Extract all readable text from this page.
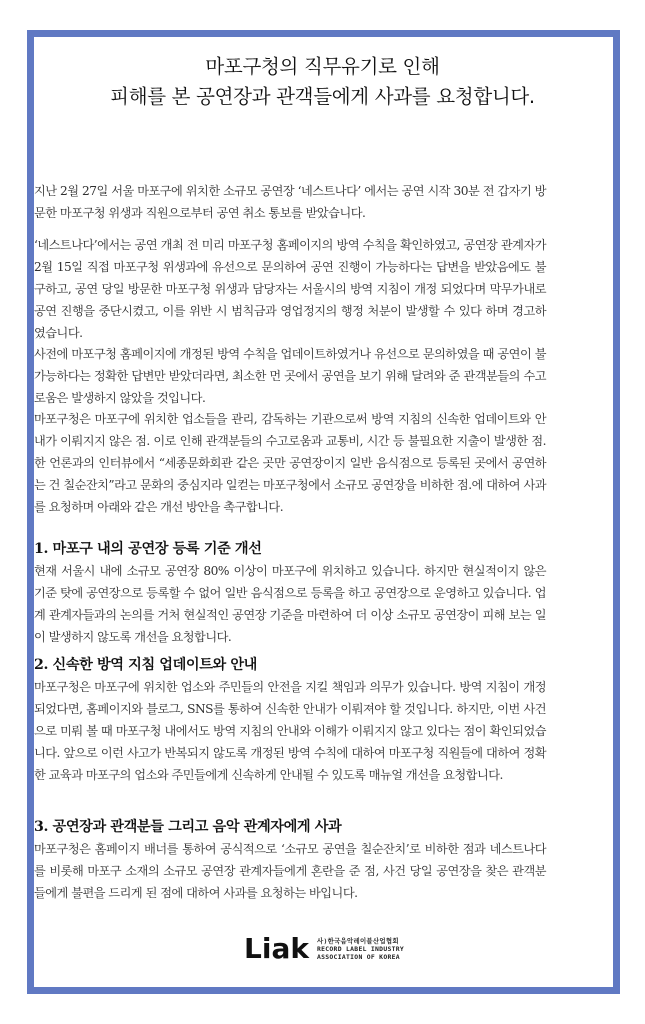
마포구청의 직무유기로 인해
피해를 본 공연장과 관객들에게 사과를 요청합니다.

지난 2월 27일 서울 마포구에 위치한 소규모 공연장 ‘네스트나다’ 에서는 공연 시작 30분 전 갑자기 방문한 마포구청 위생과 직원으로부터 공연 취소 통보를 받았습니다.

‘네스트나다’에서는 공연 개최 전 미리 마포구청 홈페이지의 방역 수칙을 확인하였고, 공연장 관계자가 2월 15일 직접 마포구청 위생과에 유선으로 문의하여 공연 진행이 가능하다는 답변을 받았음에도 불구하고, 공연 당일 방문한 마포구청 위생과 담당자는 서울시의 방역 지침이 개정 되었다며 막무가내로 공연 진행을 중단시켰고, 이를 위반 시 범칙금과 영업정지의 행정 처분이 발생할 수 있다 하며 경고하였습니다.

사전에 마포구청 홈페이지에 개정된 방역 수칙을 업데이트하였거나 유선으로 문의하였을 때 공연이 불가능하다는 정확한 답변만 받았더라면, 최소한 먼 곳에서 공연을 보기 위해 달려와 준 관객분들의 수고로움은 발생하지 않았을 것입니다.

마포구청은 마포구에 위치한 업소들을 관리, 감독하는 기관으로써 방역 지침의 신속한 업데이트와 안내가 이뤄지지 않은 점. 이로 인해 관객분들의 수고로움과 교통비, 시간 등 불필요한 지출이 발생한 점. 한 언론과의 인터뷰에서 “세종문화회관 같은 곳만 공연장이지 일반 음식점으로 등록된 곳에서 공연하는 건 칠순잔치”라고 문화의 중심지라 일컫는 마포구청에서 소규모 공연장을 비하한 점.에 대하여 사과를 요청하며 아래와 같은 개선 방안을 촉구합니다.

1. 마포구 내의 공연장 등록 기준 개선

현재 서울시 내에 소규모 공연장 80% 이상이 마포구에 위치하고 있습니다. 하지만 현실적이지 않은 기준 탓에 공연장으로 등록할 수 없어 일반 음식점으로 등록을 하고 공연장으로 운영하고 있습니다. 업계 관계자들과의 논의를 거처 현실적인 공연장 기준을 마련하여 더 이상 소규모 공연장이 피해 보는 일이 발생하지 않도록 개선을 요청합니다.

2. 신속한 방역 지침 업데이트와 안내

마포구청은 마포구에 위치한 업소와 주민들의 안전을 지킬 책임과 의무가 있습니다. 방역 지침이 개정되었다면, 홈페이지와 블로그, SNS를 통하여 신속한 안내가 이뤄져야 할 것입니다. 하지만, 이번 사건으로 미뤄 볼 때 마포구청 내에서도 방역 지침의 안내와 이해가 이뤄지지 않고 있다는 점이 확인되었습니다. 앞으로 이런 사고가 반복되지 않도록 개정된 방역 수칙에 대하여 마포구청 직원들에 대하여 정확한 교육과 마포구의 업소와 주민들에게 신속하게 안내될 수 있도록 매뉴얼 개선을 요청합니다.

3. 공연장과 관객분들 그리고 음악 관계자에게 사과

마포구청은 홈페이지 배너를 통하여 공식적으로 ‘소규모 공연을 칠순잔치’로 비하한 점과 네스트나다를 비롯해 마포구 소재의 소규모 공연장 관계자들에게 혼란을 준 점, 사건 당일 공연장을 찾은 관객분들에게 불편을 드리게 된 점에 대하여 사과를 요청하는 바입니다.

Liak 사)한국음악레이블산업협회
RECORD LABEL INDUSTRY
ASSOCIATION OF KOREA
